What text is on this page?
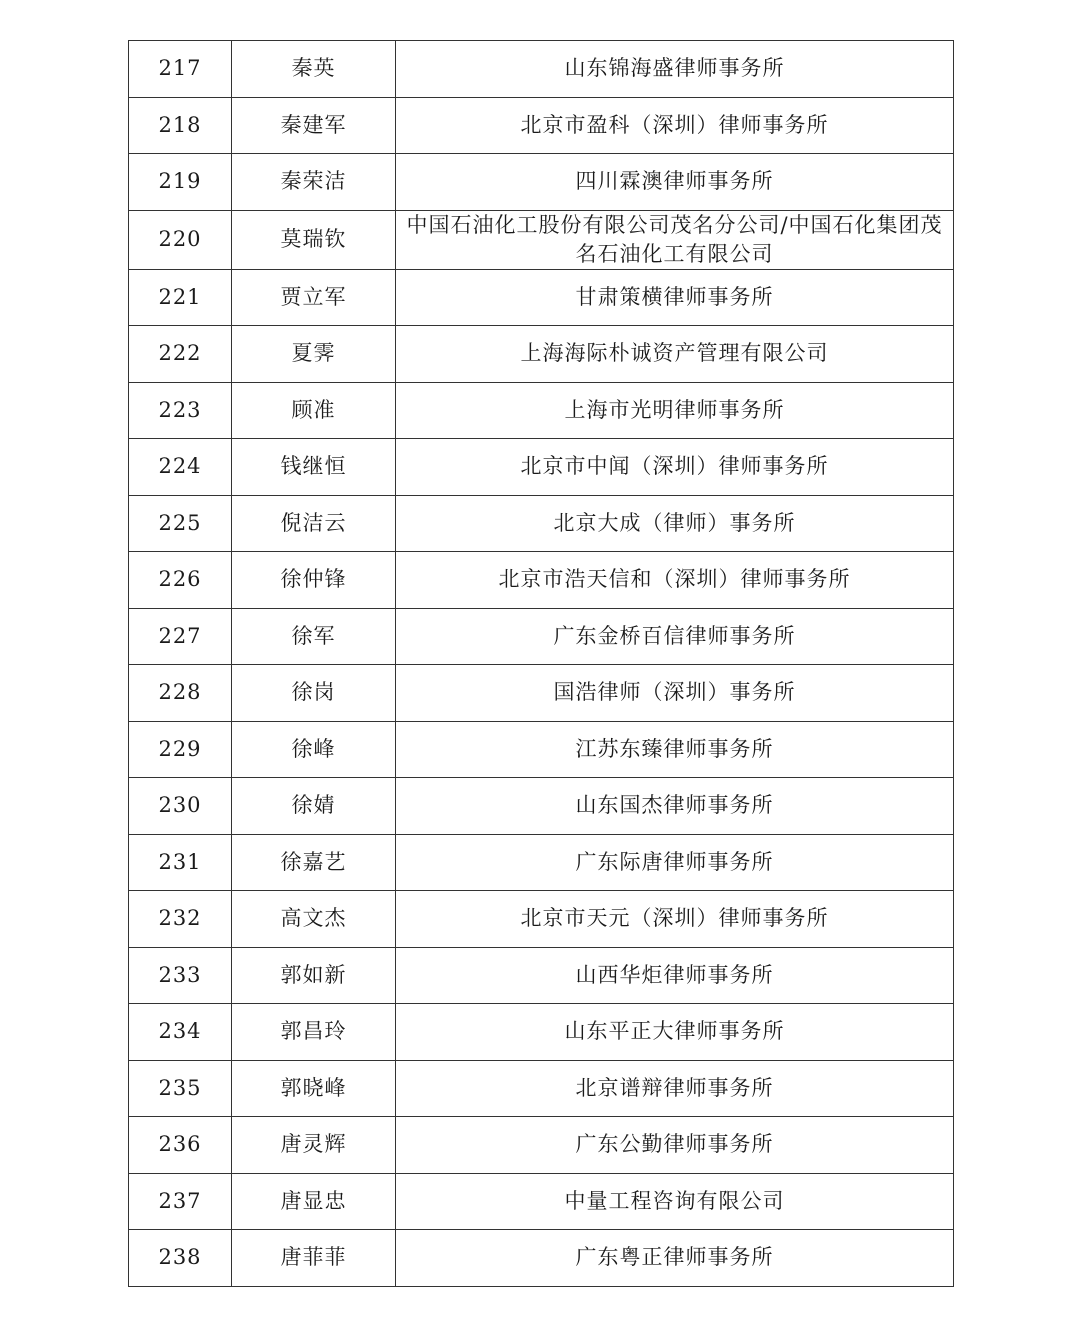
217	秦英	山东锦海盛律师事务所
218	秦建军	北京市盈科（深圳）律师事务所
219	秦荣洁	四川霖澳律师事务所
220	莫瑞钦	中国石油化工股份有限公司茂名分公司/中国石化集团茂名石油化工有限公司
221	贾立军	甘肃策横律师事务所
222	夏霁	上海海际朴诚资产管理有限公司
223	顾准	上海市光明律师事务所
224	钱继恒	北京市中闻（深圳）律师事务所
225	倪洁云	北京大成（律师）事务所
226	徐仲锋	北京市浩天信和（深圳）律师事务所
227	徐军	广东金桥百信律师事务所
228	徐岗	国浩律师（深圳）事务所
229	徐峰	江苏东臻律师事务所
230	徐婧	山东国杰律师事务所
231	徐嘉艺	广东际唐律师事务所
232	高文杰	北京市天元（深圳）律师事务所
233	郭如新	山西华炬律师事务所
234	郭昌玲	山东平正大律师事务所
235	郭晓峰	北京谱辩律师事务所
236	唐灵辉	广东公勤律师事务所
237	唐显忠	中量工程咨询有限公司
238	唐菲菲	广东粤正律师事务所
